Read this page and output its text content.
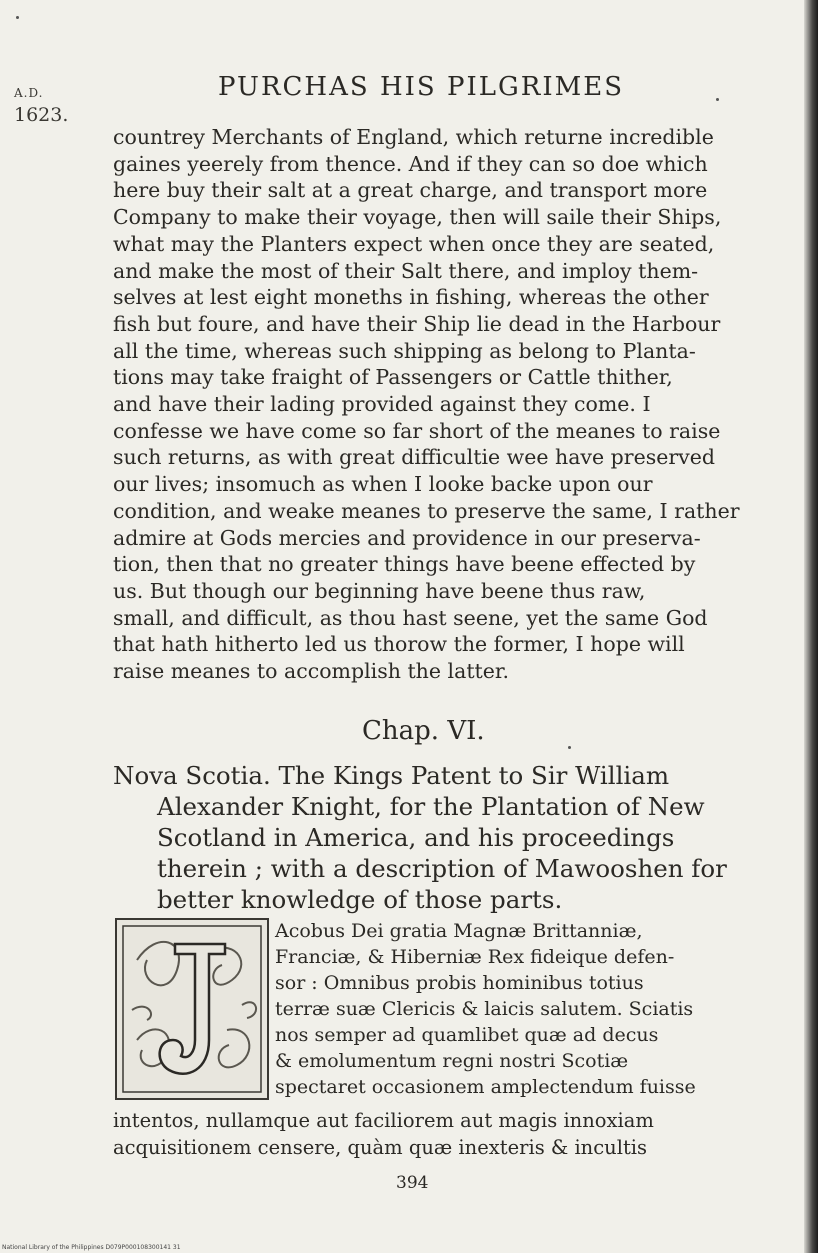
A.D.
1623.
PURCHAS HIS PILGRIMES
countrey Merchants of England, which returne incredible
gaines yeerely from thence. And if they can so doe which
here buy their salt at a great charge, and transport more
Company to make their voyage, then will saile their Ships,
what may the Planters expect when once they are seated,
and make the most of their Salt there, and imploy them-
selves at lest eight moneths in fishing, whereas the other
fish but foure, and have their Ship lie dead in the Harbour
all the time, whereas such shipping as belong to Planta-
tions may take fraight of Passengers or Cattle thither,
and have their lading provided against they come. I
confesse we have come so far short of the meanes to raise
such returns, as with great difficultie wee have preserved
our lives; insomuch as when I looke backe upon our
condition, and weake meanes to preserve the same, I rather
admire at Gods mercies and providence in our preserva-
tion, then that no greater things have beene effected by
us. But though our beginning have beene thus raw,
small, and difficult, as thou hast seene, yet the same God
that hath hitherto led us thorow the former, I hope will
raise meanes to accomplish the latter.
Chap. VI.
Nova Scotia. The Kings Patent to Sir William
Alexander Knight, for the Plantation of New
Scotland in America, and his proceedings
therein ; with a description of Mawooshen for
better knowledge of those parts.
Acobus Dei gratia Magnæ Brittanniæ,
Franciæ, & Hiberniæ Rex fideique defen-
sor : Omnibus probis hominibus totius
terræ suæ Clericis & laicis salutem. Sciatis
nos semper ad quamlibet quæ ad decus
& emolumentum regni nostri Scotiæ
spectaret occasionem amplectendum fuisse
intentos, nullamque aut faciliorem aut magis innoxiam
acquisitionem censere, quàm quæ inexteris & incultis
394
National Library of the Philippines D079P000108300141 31
